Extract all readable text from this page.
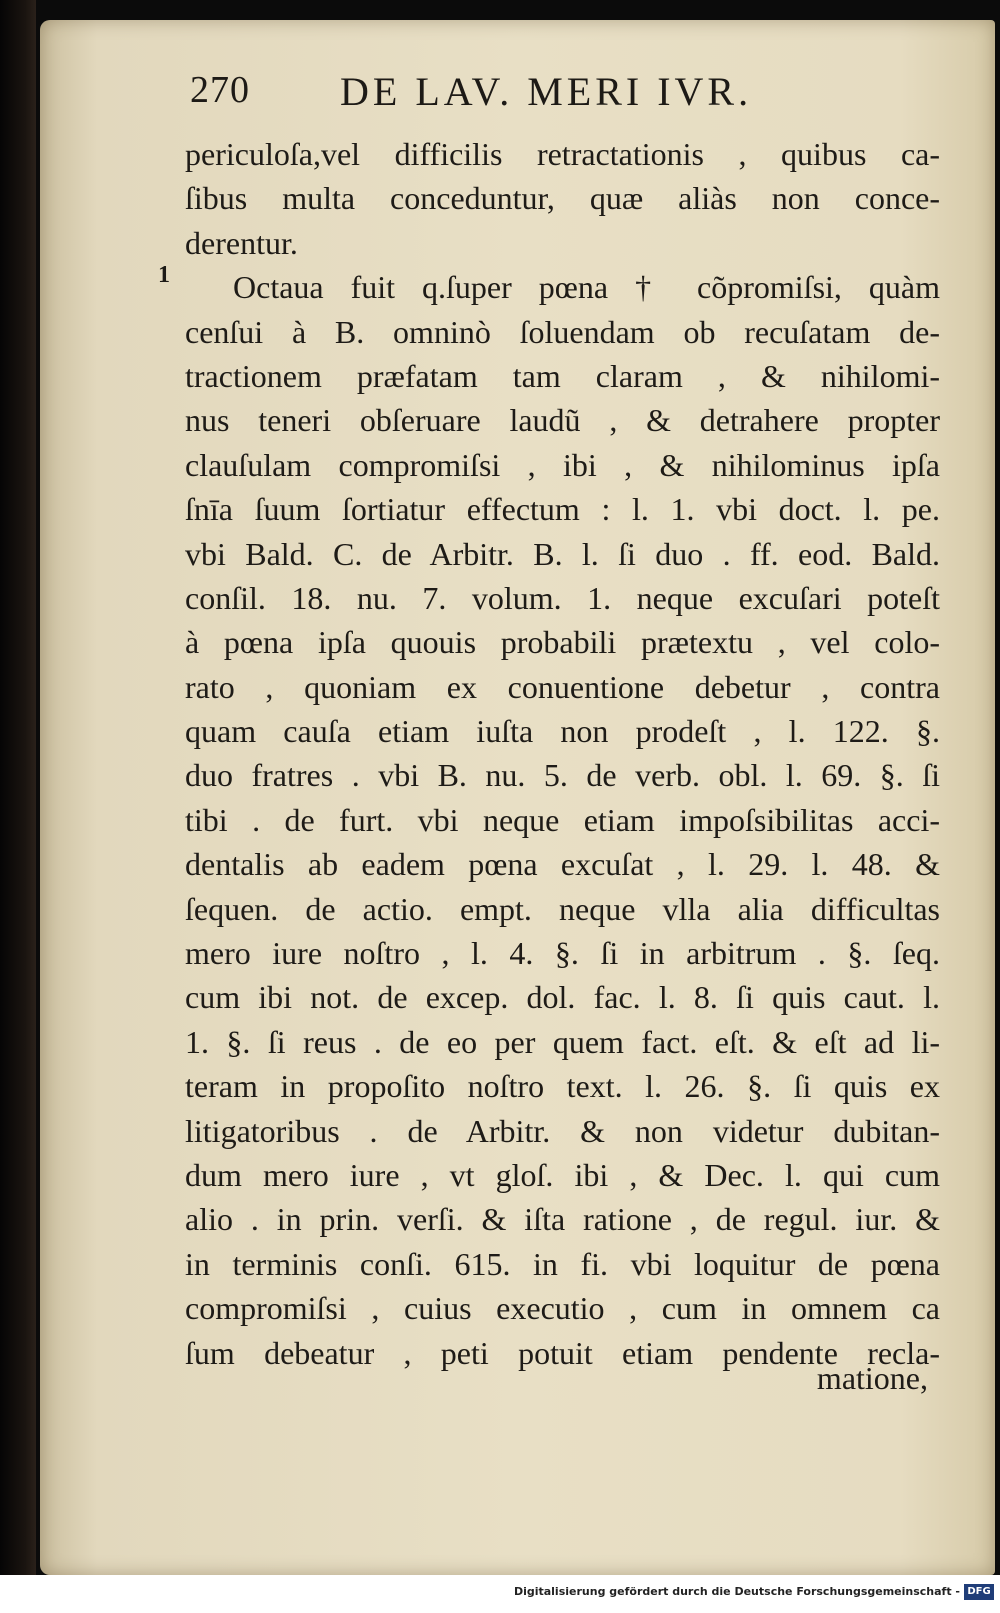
270 DE LAV. MERI IVR.
1
periculoſa,vel difficilis retractationis , quibus ca-
ſibus multa conceduntur, quæ aliàs non conce-
derentur.
Octaua fuit q.ſuper pœna † cõpromiſsi, quàm
cenſui à B. omninò ſoluendam ob recuſatam de-
tractionem præfatam tam claram , & nihilomi-
nus teneri obſeruare laudũ , & detrahere propter
clauſulam compromiſsi , ibi , & nihilominus ipſa
ſnīa ſuum ſortiatur effectum : l. 1. vbi doct. l. pe.
vbi Bald. C. de Arbitr. B. l. ſi duo . ff. eod. Bald.
conſil. 18. nu. 7. volum. 1. neque excuſari poteſt
à pœna ipſa quouis probabili prætextu , vel colo-
rato , quoniam ex conuentione debetur , contra
quam cauſa etiam iuſta non prodeſt , l. 122. §.
duo fratres . vbi B. nu. 5. de verb. obl. l. 69. §. ſi
tibi . de furt. vbi neque etiam impoſsibilitas acci-
dentalis ab eadem pœna excuſat , l. 29. l. 48. &
ſequen. de actio. empt. neque vlla alia difficultas
mero iure noſtro , l. 4. §. ſi in arbitrum . §. ſeq.
cum ibi not. de excep. dol. fac. l. 8. ſi quis caut. l.
1. §. ſi reus . de eo per quem fact. eſt. & eſt ad li-
teram in propoſito noſtro text. l. 26. §. ſi quis ex
litigatoribus . de Arbitr. & non videtur dubitan-
dum mero iure , vt gloſ. ibi , & Dec. l. qui cum
alio . in prin. verſi. & iſta ratione , de regul. iur. &
in terminis conſi. 615. in fi. vbi loquitur de pœna
compromiſsi , cuius executio , cum in omnem ca
ſum debeatur , peti potuit etiam pendente recla-
matione,
Digitalisierung gefördert durch die Deutsche Forschungsgemeinschaft - DFG
